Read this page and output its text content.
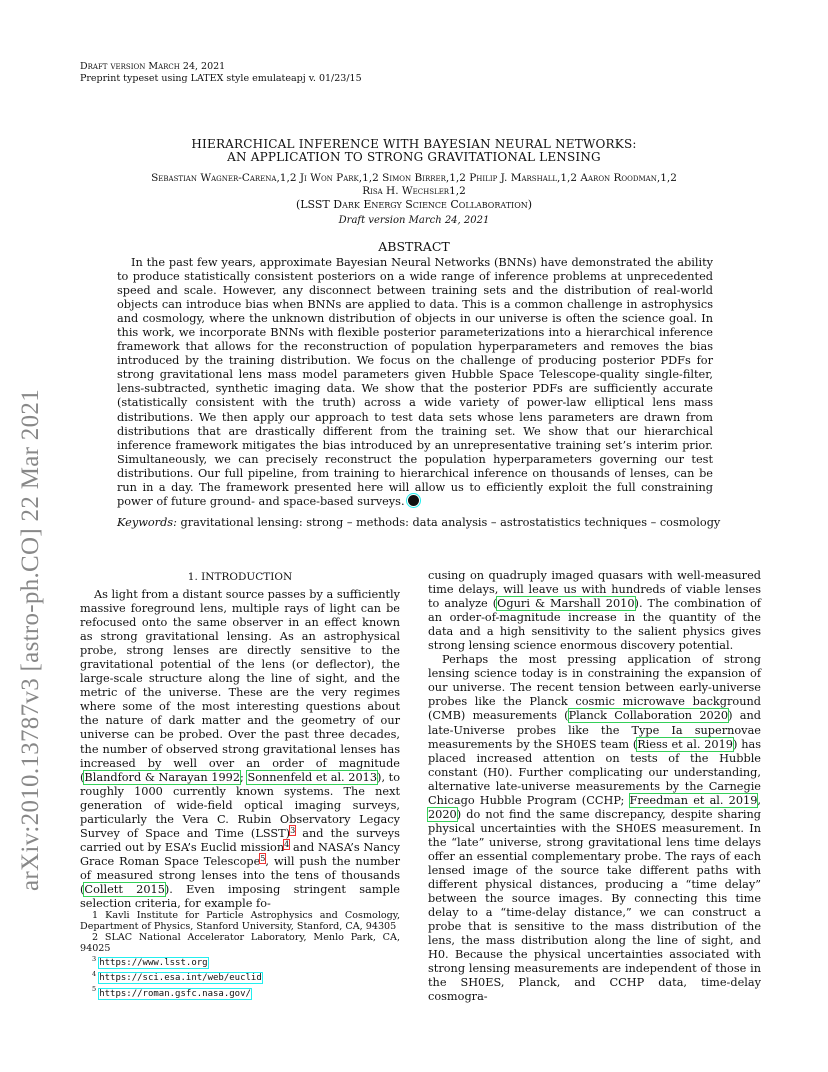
arXiv:2010.13787v3 [astro-ph.CO] 22 Mar 2021
Draft version March 24, 2021
Preprint typeset using LATEX style emulateapj v. 01/23/15
HIERARCHICAL INFERENCE WITH BAYESIAN NEURAL NETWORKS:
AN APPLICATION TO STRONG GRAVITATIONAL LENSING
Sebastian Wagner-Carena,1,2 Ji Won Park,1,2 Simon Birrer,1,2 Philip J. Marshall,1,2 Aaron Roodman,1,2
Risa H. Wechsler1,2
(LSST Dark Energy Science Collaboration)
Draft version March 24, 2021
ABSTRACT
In the past few years, approximate Bayesian Neural Networks (BNNs) have demonstrated the ability to produce statistically consistent posteriors on a wide range of inference problems at unprecedented speed and scale. However, any disconnect between training sets and the distribution of real-world objects can introduce bias when BNNs are applied to data. This is a common challenge in astrophysics and cosmology, where the unknown distribution of objects in our universe is often the science goal. In this work, we incorporate BNNs with flexible posterior parameterizations into a hierarchical inference framework that allows for the reconstruction of population hyperparameters and removes the bias introduced by the training distribution. We focus on the challenge of producing posterior PDFs for strong gravitational lens mass model parameters given Hubble Space Telescope-quality single-filter, lens-subtracted, synthetic imaging data. We show that the posterior PDFs are sufficiently accurate (statistically consistent with the truth) across a wide variety of power-law elliptical lens mass distributions. We then apply our approach to test data sets whose lens parameters are drawn from distributions that are drastically different from the training set. We show that our hierarchical inference framework mitigates the bias introduced by an unrepresentative training set’s interim prior. Simultaneously, we can precisely reconstruct the population hyperparameters governing our test distributions. Our full pipeline, from training to hierarchical inference on thousands of lenses, can be run in a day. The framework presented here will allow us to efficiently exploit the full constraining power of future ground- and space-based surveys.
Keywords: gravitational lensing: strong – methods: data analysis – astrostatistics techniques – cosmology
1. INTRODUCTION
As light from a distant source passes by a sufficiently massive foreground lens, multiple rays of light can be refocused onto the same observer in an effect known as strong gravitational lensing. As an astrophysical probe, strong lenses are directly sensitive to the gravitational potential of the lens (or deflector), the large-scale structure along the line of sight, and the metric of the universe. These are the very regimes where some of the most interesting questions about the nature of dark matter and the geometry of our universe can be probed. Over the past three decades, the number of observed strong gravitational lenses has increased by well over an order of magnitude (Blandford & Narayan 1992; Sonnenfeld et al. 2013), to roughly 1000 currently known systems. The next generation of wide-field optical imaging surveys, particularly the Vera C. Rubin Observatory Legacy Survey of Space and Time (LSST)$^3$ and the surveys carried out by ESA’s Euclid mission$^4$ and NASA’s Nancy Grace Roman Space Telescope$^5$, will push the number of measured strong lenses into the tens of thousands (Collett 2015). Even imposing stringent sample selection criteria, for example fo-
1 Kavli Institute for Particle Astrophysics and Cosmology, Department of Physics, Stanford University, Stanford, CA, 94305
2 SLAC National Accelerator Laboratory, Menlo Park, CA, 94025
$^3$ https://www.lsst.org
$^4$ https://sci.esa.int/web/euclid
$^5$ https://roman.gsfc.nasa.gov/

cusing on quadruply imaged quasars with well-measured time delays, will leave us with hundreds of viable lenses to analyze (Oguri & Marshall 2010). The combination of an order-of-magnitude increase in the quantity of the data and a high sensitivity to the salient physics gives strong lensing science enormous discovery potential.

Perhaps the most pressing application of strong lensing science today is in constraining the expansion of our universe. The recent tension between early-universe probes like the Planck cosmic microwave background (CMB) measurements (Planck Collaboration 2020) and late-Universe probes like the Type Ia supernovae measurements by the SH0ES team (Riess et al. 2019) has placed increased attention on tests of the Hubble constant (H0). Further complicating our understanding, alternative late-universe measurements by the Carnegie Chicago Hubble Program (CCHP; Freedman et al. 2019, 2020) do not find the same discrepancy, despite sharing physical uncertainties with the SH0ES measurement. In the “late” universe, strong gravitational lens time delays offer an essential complementary probe. The rays of each lensed image of the source take different paths with different physical distances, producing a “time delay” between the source images. By connecting this time delay to a “time-delay distance,” we can construct a probe that is sensitive to the mass distribution of the lens, the mass distribution along the line of sight, and H0. Because the physical uncertainties associated with strong lensing measurements are independent of those in the SH0ES, Planck, and CCHP data, time-delay cosmogra-
